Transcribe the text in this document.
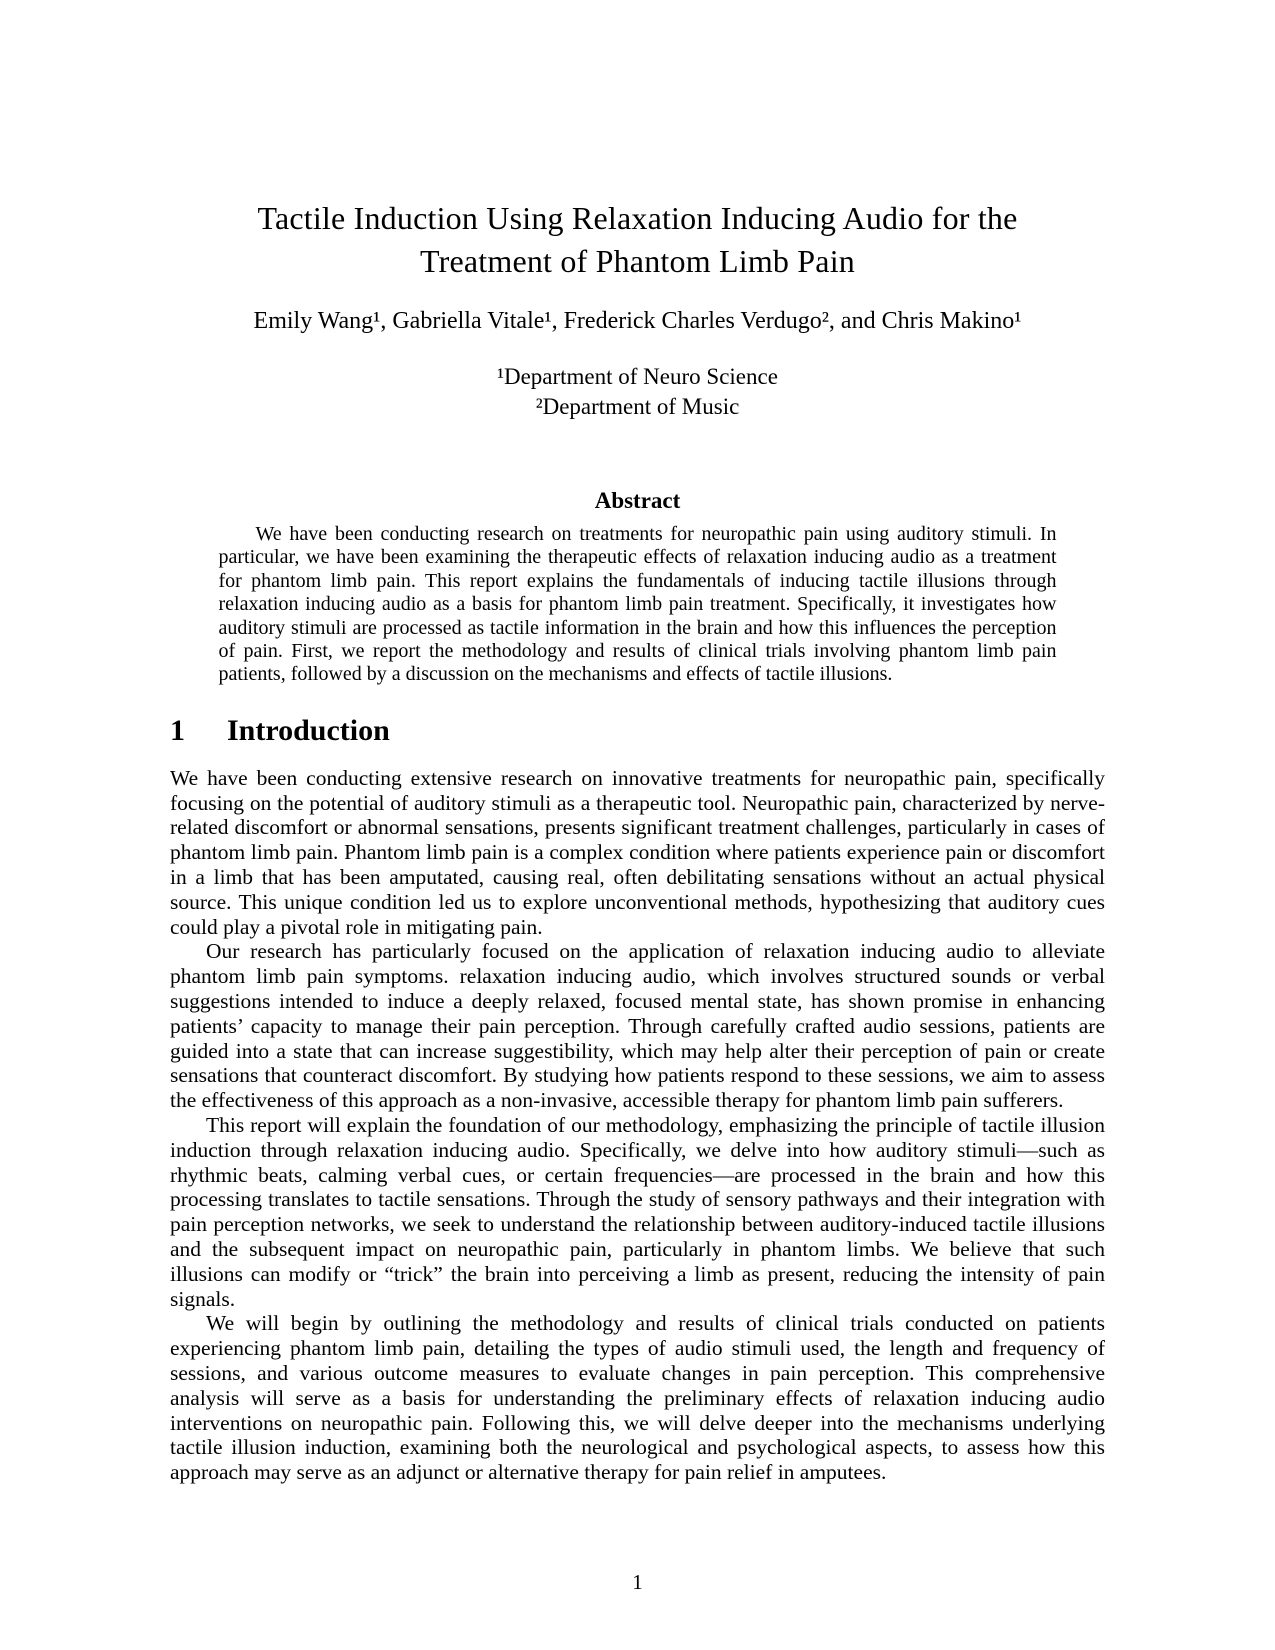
Tactile Induction Using Relaxation Inducing Audio for the
Treatment of Phantom Limb Pain
Emily Wang¹, Gabriella Vitale¹, Frederick Charles Verdugo², and Chris Makino¹
¹Department of Neuro Science
²Department of Music
Abstract

We have been conducting research on treatments for neuropathic pain using auditory stimuli. In particular, we have been examining the therapeutic effects of relaxation inducing audio as a treatment for phantom limb pain. This report explains the fundamentals of inducing tactile illusions through relaxation inducing audio as a basis for phantom limb pain treatment. Specifically, it investigates how auditory stimuli are processed as tactile information in the brain and how this influences the perception of pain. First, we report the methodology and results of clinical trials involving phantom limb pain patients, followed by a discussion on the mechanisms and effects of tactile illusions.

1 Introduction

We have been conducting extensive research on innovative treatments for neuropathic pain, specifically focusing on the potential of auditory stimuli as a therapeutic tool. Neuropathic pain, characterized by nerve-related discomfort or abnormal sensations, presents significant treatment challenges, particularly in cases of phantom limb pain. Phantom limb pain is a complex condition where patients experience pain or discomfort in a limb that has been amputated, causing real, often debilitating sensations without an actual physical source. This unique condition led us to explore unconventional methods, hypothesizing that auditory cues could play a pivotal role in mitigating pain.

Our research has particularly focused on the application of relaxation inducing audio to alleviate phantom limb pain symptoms. relaxation inducing audio, which involves structured sounds or verbal suggestions intended to induce a deeply relaxed, focused mental state, has shown promise in enhancing patients’ capacity to manage their pain perception. Through carefully crafted audio sessions, patients are guided into a state that can increase suggestibility, which may help alter their perception of pain or create sensations that counteract discomfort. By studying how patients respond to these sessions, we aim to assess the effectiveness of this approach as a non-invasive, accessible therapy for phantom limb pain sufferers.

This report will explain the foundation of our methodology, emphasizing the principle of tactile illusion induction through relaxation inducing audio. Specifically, we delve into how auditory stimuli—such as rhythmic beats, calming verbal cues, or certain frequencies—are processed in the brain and how this processing translates to tactile sensations. Through the study of sensory pathways and their integration with pain perception networks, we seek to understand the relationship between auditory-induced tactile illusions and the subsequent impact on neuropathic pain, particularly in phantom limbs. We believe that such illusions can modify or “trick” the brain into perceiving a limb as present, reducing the intensity of pain signals.

We will begin by outlining the methodology and results of clinical trials conducted on patients experiencing phantom limb pain, detailing the types of audio stimuli used, the length and frequency of sessions, and various outcome measures to evaluate changes in pain perception. This comprehensive analysis will serve as a basis for understanding the preliminary effects of relaxation inducing audio interventions on neuropathic pain. Following this, we will delve deeper into the mechanisms underlying tactile illusion induction, examining both the neurological and psychological aspects, to assess how this approach may serve as an adjunct or alternative therapy for pain relief in amputees.

1
